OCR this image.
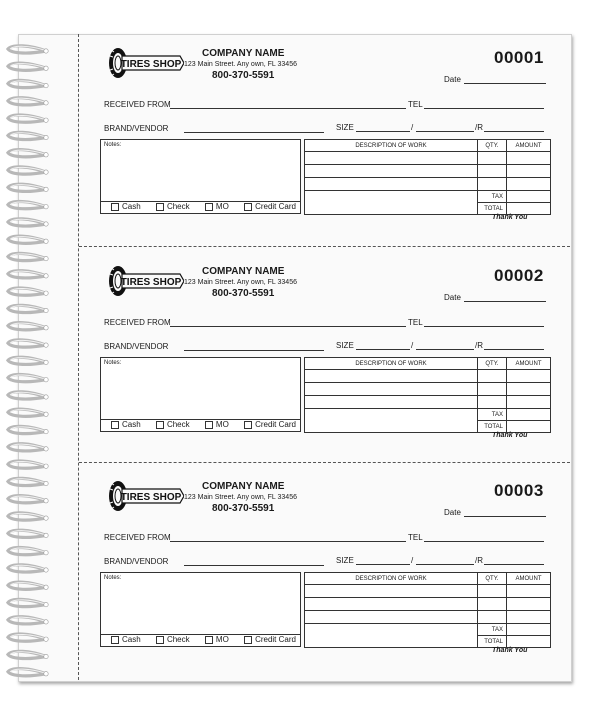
TIRES SHOP
COMPANY NAME
123 Main Street. Any own, FL 33456
800-370-5591
00001
Date
RECEIVED FROM	TEL
BRAND/VENDOR	SIZE	/	/R
Notes:
Cash	Check	MO	Credit Card
DESCRIPTION OF WORK	QTY.	AMOUNT

	TAX	
	TOTAL	
Thank You
TIRES SHOP
COMPANY NAME
123 Main Street. Any own, FL 33456
800-370-5591
00002
Date
RECEIVED FROM	TEL
BRAND/VENDOR	SIZE	/	/R
Notes:
Cash	Check	MO	Credit Card
DESCRIPTION OF WORK	QTY.	AMOUNT

	TAX	
	TOTAL	
Thank You
TIRES SHOP
COMPANY NAME
123 Main Street. Any own, FL 33456
800-370-5591
00003
Date
RECEIVED FROM	TEL
BRAND/VENDOR	SIZE	/	/R
Notes:
Cash	Check	MO	Credit Card
DESCRIPTION OF WORK	QTY.	AMOUNT

	TAX	
	TOTAL	
Thank You
